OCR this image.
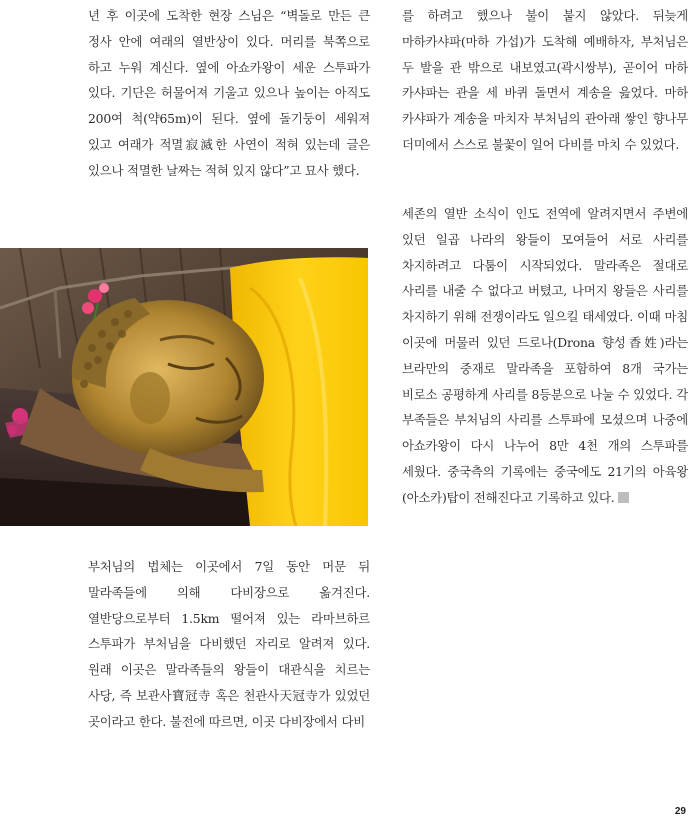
년 후 이곳에 도착한 현장 스님은 “벽돌로 만든 큰 정사 안에 여래의 열반상이 있다. 머리를 북쪽으로 하고 누워 계신다. 옆에 아쇼카왕이 세운 스투파가 있다. 기단은 허물어져 기울고 있으나 높이는 아직도 200여 척(약65m)이 된다. 옆에 돌기둥이 세워져 있고 여래가 적멸寂滅한 사연이 적혀 있는데 글은 있으나 적멸한 날짜는 적혀 있지 않다”고 묘사 했다.

부처님의 법체는 이곳에서 7일 동안 머문 뒤 말라족들에 의해 다비장으로 옮겨진다. 열반당으로부터 1.5km 떨어져 있는 라마브하르 스투파가 부처님을 다비했던 자리로 알려져 있다. 원래 이곳은 말라족들의 왕들이 대관식을 치르는 사당, 즉 보관사寶冠寺 혹은 천관사天冠寺가 있었던 곳이라고 한다. 불전에 따르면, 이곳 다비장에서 다비

를 하려고 했으나 불이 붙지 않았다. 뒤늦게 마하카샤파(마하 가섭)가 도착해 예배하자, 부처님은 두 발을 관 밖으로 내보였고(곽시쌍부), 곧이어 마하 카샤파는 관을 세 바퀴 돌면서 계송을 읊었다. 마하 카샤파가 계송을 마치자 부처님의 관아래 쌓인 향나무 더미에서 스스로 불꽃이 일어 다비를 마치 수 있었다.

세존의 열반 소식이 인도 전역에 알려지면서 주변에 있던 일곱 나라의 왕들이 모여들어 서로 사리를 차지하려고 다툼이 시작되었다. 말라족은 절대로 사리를 내줄 수 없다고 버텼고, 나머지 왕들은 사리를 차지하기 위해 전쟁이라도 일으킬 태세였다. 이때 마침 이곳에 머물러 있던 드로나(Drona 향성香姓)라는 브라만의 중재로 말라족을 포함하여 8개 국가는 비로소 공평하게 사리를 8등분으로 나눌 수 있었다. 각 부족들은 부처님의 사리를 스투파에 모셨으며 나중에 아쇼카왕이 다시 나누어 8만 4천 개의 스투파를 세웠다. 중국측의 기록에는 중국에도 21기의 아육왕(아소카)탑이 전해진다고 기록하고 있다.

29
